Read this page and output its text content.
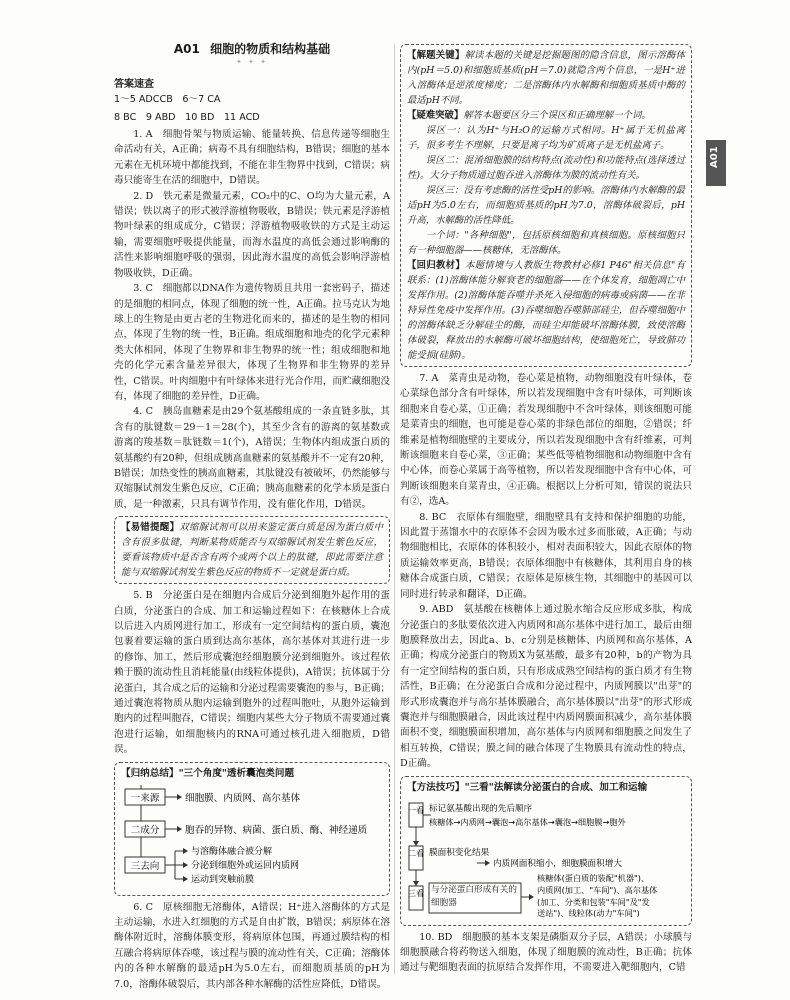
A01
A01 细胞的物质和结构基础
✦ ✦ ✦
答案速查
1～5 ADCCB　6～7 CA
8 BC　9 ABD　10 BD　11 ACD

1. A　细胞骨架与物质运输、能量转换、信息传递等细胞生命活动有关，A正确；病毒不具有细胞结构，B错误；细胞的基本元素在无机环境中都能找到，不能在非生物界中找到，C错误；病毒只能寄生在活的细胞中，D错误。

2. D　铁元素是微量元素，CO₂中的C、O均为大量元素，A错误；铁以离子的形式被浮游植物吸收，B错误；铁元素是浮游植物叶绿素的组成成分，C错误；浮游植物吸收铁的方式是主动运输，需要细胞呼吸提供能量，而海水温度的高低会通过影响酶的活性来影响细胞呼吸的强弱，因此海水温度的高低会影响浮游植物吸收铁，D正确。

3. C　细胞都以DNA作为遗传物质且共用一套密码子，描述的是细胞的相同点，体现了细胞的统一性，A正确。拉马克认为地球上的生物是由更古老的生物进化而来的，描述的是生物的相同点，体现了生物的统一性，B正确。组成细胞和地壳的化学元素种类大体相同，体现了生物界和非生物界的统一性；组成细胞和地壳的化学元素含量差异很大，体现了生物界和非生物界的差异性，C错误。叶肉细胞中有叶绿体来进行光合作用，而贮藏细胞没有，体现了细胞的差异性，D正确。

4. C　胰岛血糖素是由29个氨基酸组成的一条直链多肽，其含有的肽键数＝29－1＝28(个)，其至少含有的游离的氨基数或游离的羧基数＝肽链数＝1(个)，A错误；生物体内组成蛋白质的氨基酸约有20种，但组成胰高血糖素的氨基酸并不一定有20种，B错误；加热变性的胰高血糖素，其肽键没有被破坏，仍然能够与双缩脲试剂发生紫色反应，C正确；胰高血糖素的化学本质是蛋白质，是一种激素，只具有调节作用，没有催化作用，D错误。

【易错提醒】双缩脲试剂可以用来鉴定蛋白质是因为蛋白质中含有很多肽键，判断某物质能否与双缩脲试剂发生紫色反应，要看该物质中是否含有两个或两个以上的肽键，即此需要注意能与双缩脲试剂发生紫色反应的物质不一定就是蛋白质。

5. B　分泌蛋白是在细胞内合成后分泌到细胞外起作用的蛋白质，分泌蛋白的合成、加工和运输过程如下：在核糖体上合成以后进入内质网进行加工，形成有一定空间结构的蛋白质，囊泡包裹着要运输的蛋白质到达高尔基体，高尔基体对其进行进一步的修饰、加工，然后形成囊泡经细胞膜分泌到细胞外。该过程依赖于膜的流动性且消耗能量(由线粒体提供)，A错误；抗体属于分泌蛋白，其合成之后的运输和分泌过程需要囊泡的参与，B正确；通过囊泡将物质从胞内运输到胞外的过程叫胞吐，从胞外运输到胞内的过程叫胞吞，C错误；细胞内某些大分子物质不需要通过囊泡进行运输，如细胞核内的RNA可通过核孔进入细胞质，D错误。

【归纳总结】"三个角度"透析囊泡类问题
一来源	细胞膜、内质网、高尔基体
二成分	胞吞的异物、病菌、蛋白质、酶、神经递质
三去向
与溶酶体融合被分解
分泌到细胞外或运回内质网
运动到突触前膜

6. C　原核细胞无溶酶体，A错误；H⁺进入溶酶体的方式是主动运输，水进入红细胞的方式是自由扩散，B错误；病原体在溶酶体附近时，溶酶体膜变形，将病原体包围，再通过膜结构的相互融合将病原体吞噬，该过程与膜的流动性有关，C正确；溶酶体内的各种水解酶的最适pH为5.0左右，而细胞质基质的pH为7.0，溶酶体破裂后，其内部各种水解酶的活性应降低，D错误。

【解题关键】解读本题的关键是挖掘题图的隐含信息，图示溶酶体内(pH＝5.0)和细胞质基质(pH＝7.0)就隐含两个信息，一是H⁺进入溶酶体是逆浓度梯度；二是溶酶体内水解酶和细胞质基质中酶的最适pH不同。

【疑难突破】解答本题要区分三个误区和正确理解一个词。

误区一：认为H⁺与H₂O的运输方式相同。H⁺属于无机盐离子，很多考生不理解，只要是离子均为矿质离子是无机盐离子。

误区二：混淆细胞膜的结构特点(流动性)和功能特点(选择透过性)。大分子物质通过胞吞进入溶酶体为膜的流动性有关。

误区三：没有考虑酶的活性受pH的影响。溶酶体内水解酶的最适pH为5.0左右，而细胞质基质的pH为7.0，溶酶体破裂后，pH升高，水解酶的活性降低。

一个词："各种细胞"，包括原核细胞和真核细胞。原核细胞只有一种细胞器——核糖体，无溶酶体。

【回归教材】本题情境与人教版生物教材必修1 P46"相关信息"有联系：(1)溶酶体能分解衰老的细胞器——在个体发育，细胞凋亡中发挥作用。(2)溶酶体能吞噬并杀死入侵细胞的病毒或病菌——在非特异性免疫中发挥作用。(3)吞噬细胞吞噬肺部硅尘，但吞噬细胞中的溶酶体缺乏分解硅尘的酶，而硅尘却能破坏溶酶体膜，致使溶酶体破裂，释放出的水解酶可破坏细胞结构，使细胞死亡，导致肺功能受损(硅肺)。

7. A　菜青虫是动物，卷心菜是植物，动物细胞没有叶绿体，卷心菜绿色部分含有叶绿体，所以若发现细胞中含有叶绿体，可判断该细胞来自卷心菜，①正确；若发现细胞中不含叶绿体，则该细胞可能是菜青虫的细胞，也可能是卷心菜的非绿色部位的细胞，②错误；纤维素是植物细胞壁的主要成分，所以若发现细胞中含有纤维素，可判断该细胞来自卷心菜，③正确；某些低等植物细胞和动物细胞中含有中心体，而卷心菜属于高等植物，所以若发现细胞中含有中心体，可判断该细胞来自菜青虫，④正确。根据以上分析可知，错误的说法只有②，选A。

8. BC　衣原体有细胞壁，细胞壁具有支持和保护细胞的功能，因此置于蒸馏水中的衣原体不会因为吸水过多而胀破，A正确；与动物细胞相比，衣原体的体积较小，相对表面积较大，因此衣原体的物质运输效率更高，B错误；衣原体细胞中有核糖体，其利用自身的核糖体合成蛋白质，C错误；衣原体是原核生物，其细胞中的基因可以同时进行转录和翻译，D正确。

9. ABD　氨基酸在核糖体上通过脱水缩合反应形成多肽，构成分泌蛋白的多肽要依次进入内质网和高尔基体中进行加工，最后由细胞膜释放出去，因此a、b、c分别是核糖体、内质网和高尔基体，A正确；构成分泌蛋白的物质X为氨基酸，最多有20种，b的产物为具有一定空间结构的蛋白质，只有形成成熟空间结构的蛋白质才有生物活性，B正确；在分泌蛋白合成和分泌过程中，内质网膜以"出芽"的形式形成囊泡并与高尔基体膜融合，高尔基体膜以"出芽"的形式形成囊泡并与细胞膜融合，因此该过程中内质网膜面积减少，高尔基体膜面积不变，细胞膜面积增加，高尔基体与内质网和细胞膜之间发生了相互转换，C错误；膜之间的融合体现了生物膜具有流动性的特点，D正确。

【方法技巧】"三看"法解读分泌蛋白的合成、加工和运输
一看 标记氨基酸出现的先后顺序
核糖体→内质网→囊泡→高尔基体→囊泡→细胞膜→胞外
二看 膜面积变化结果
内质网面积缩小，细胞膜面积增大
三看 与分泌蛋白形成有关的细胞器
核糖体(蛋白质的装配"机器")、
内质网(加工、"车间")、高尔基体
(加工、分类和包装"车间"及"发
送站")、线粒体(动力"车间")

10. BD　细胞膜的基本支架是磷脂双分子层，A错误；小球膜与细胞膜融合将药物送入细胞，体现了细胞膜的流动性，B正确；抗体通过与靶细胞表面的抗原结合发挥作用，不需要进入靶细胞内，C错
